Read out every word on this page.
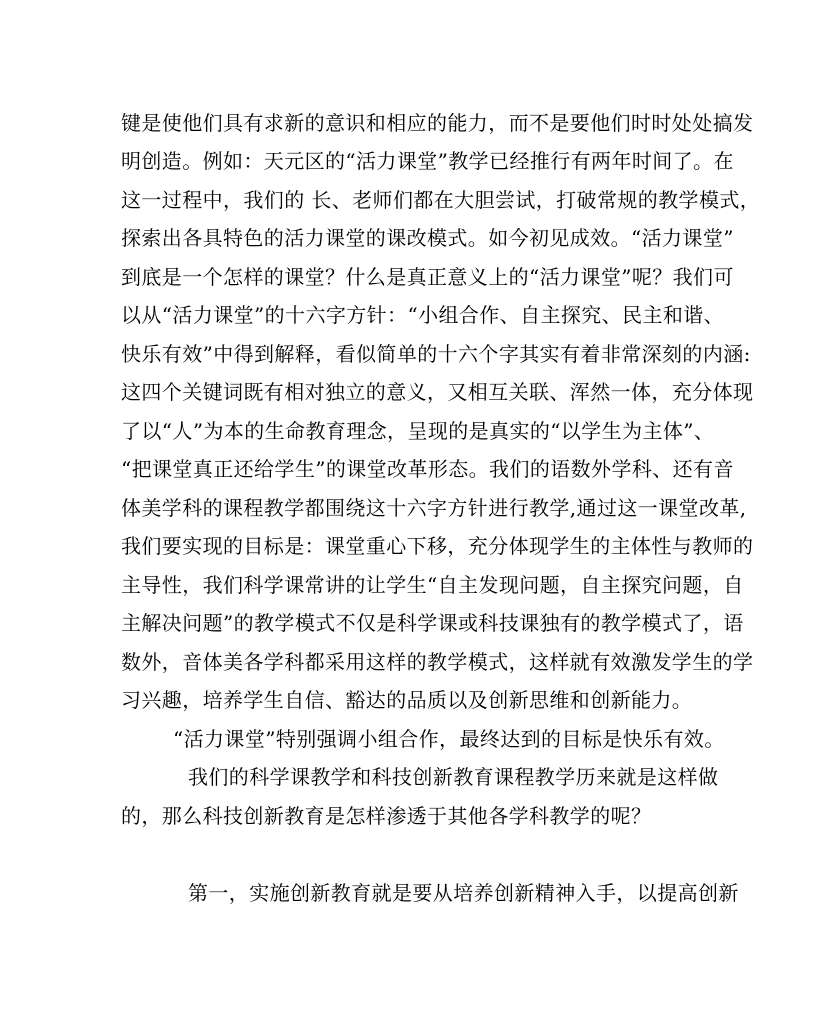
键是使他们具有求新的意识和相应的能力，而不是要他们时时处处搞发
明创造。例如：天元区的“活力课堂”教学已经推行有两年时间了。在
这一过程中，我们的 长、老师们都在大胆尝试，打破常规的教学模式，
探索出各具特色的活力课堂的课改模式。如今初见成效。“活力课堂”
到底是一个怎样的课堂？什么是真正意义上的“活力课堂”呢？我们可
以从“活力课堂”的十六字方针：“小组合作、自主探究、民主和谐、
快乐有效”中得到解释，看似简单的十六个字其实有着非常深刻的内涵:
这四个关键词既有相对独立的意义，又相互关联、浑然一体，充分体现
了以“人”为本的生命教育理念，呈现的是真实的“以学生为主体”、
“把课堂真正还给学生”的课堂改革形态。我们的语数外学科、还有音
体美学科的课程教学都围绕这十六字方针进行教学,通过这一课堂改革,
我们要实现的目标是：课堂重心下移，充分体现学生的主体性与教师的
主导性，我们科学课常讲的让学生“自主发现问题，自主探究问题，自
主解决问题”的教学模式不仅是科学课或科技课独有的教学模式了，语
数外，音体美各学科都采用这样的教学模式，这样就有效激发学生的学
习兴趣，培养学生自信、豁达的品质以及创新思维和创新能力。
“活力课堂”特别强调小组合作，最终达到的目标是快乐有效。
我们的科学课教学和科技创新教育课程教学历来就是这样做
的，那么科技创新教育是怎样渗透于其他各学科教学的呢？
第一，实施创新教育就是要从培养创新精神入手，以提高创新
